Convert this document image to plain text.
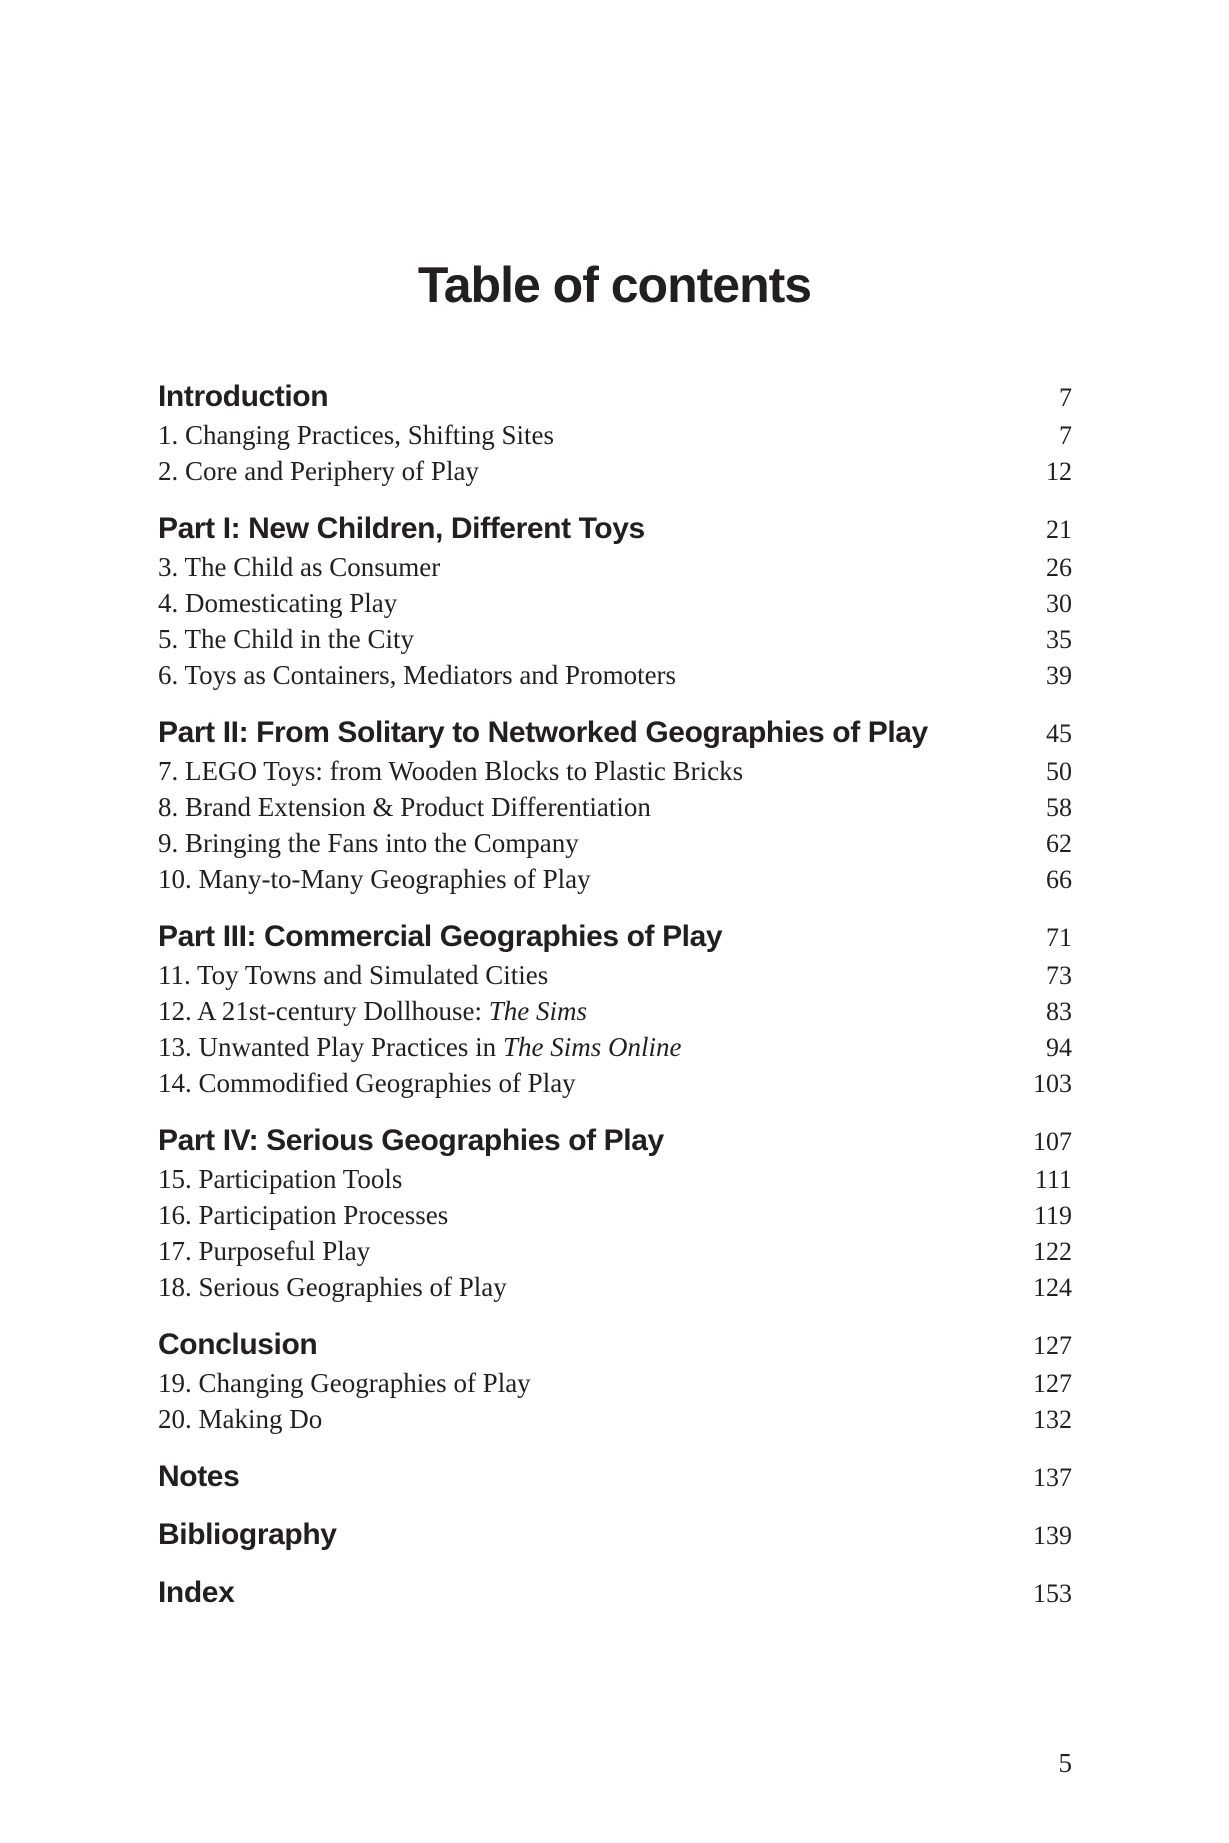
Table of contents
Introduction	7
1. Changing Practices, Shifting Sites	7
2. Core and Periphery of Play	12
Part I: New Children, Different Toys	21
3. The Child as Consumer	26
4. Domesticating Play	30
5. The Child in the City	35
6. Toys as Containers, Mediators and Promoters	39
Part II: From Solitary to Networked Geographies of Play	45
7. LEGO Toys: from Wooden Blocks to Plastic Bricks	50
8. Brand Extension & Product Differentiation	58
9. Bringing the Fans into the Company	62
10. Many-to-Many Geographies of Play	66
Part III: Commercial Geographies of Play	71
11. Toy Towns and Simulated Cities	73
12. A 21st-century Dollhouse: The Sims	83
13. Unwanted Play Practices in The Sims Online	94
14. Commodified Geographies of Play	103
Part IV: Serious Geographies of Play	107
15. Participation Tools	111
16. Participation Processes	119
17. Purposeful Play	122
18. Serious Geographies of Play	124
Conclusion	127
19. Changing Geographies of Play	127
20. Making Do	132
Notes	137
Bibliography	139
Index	153
5
